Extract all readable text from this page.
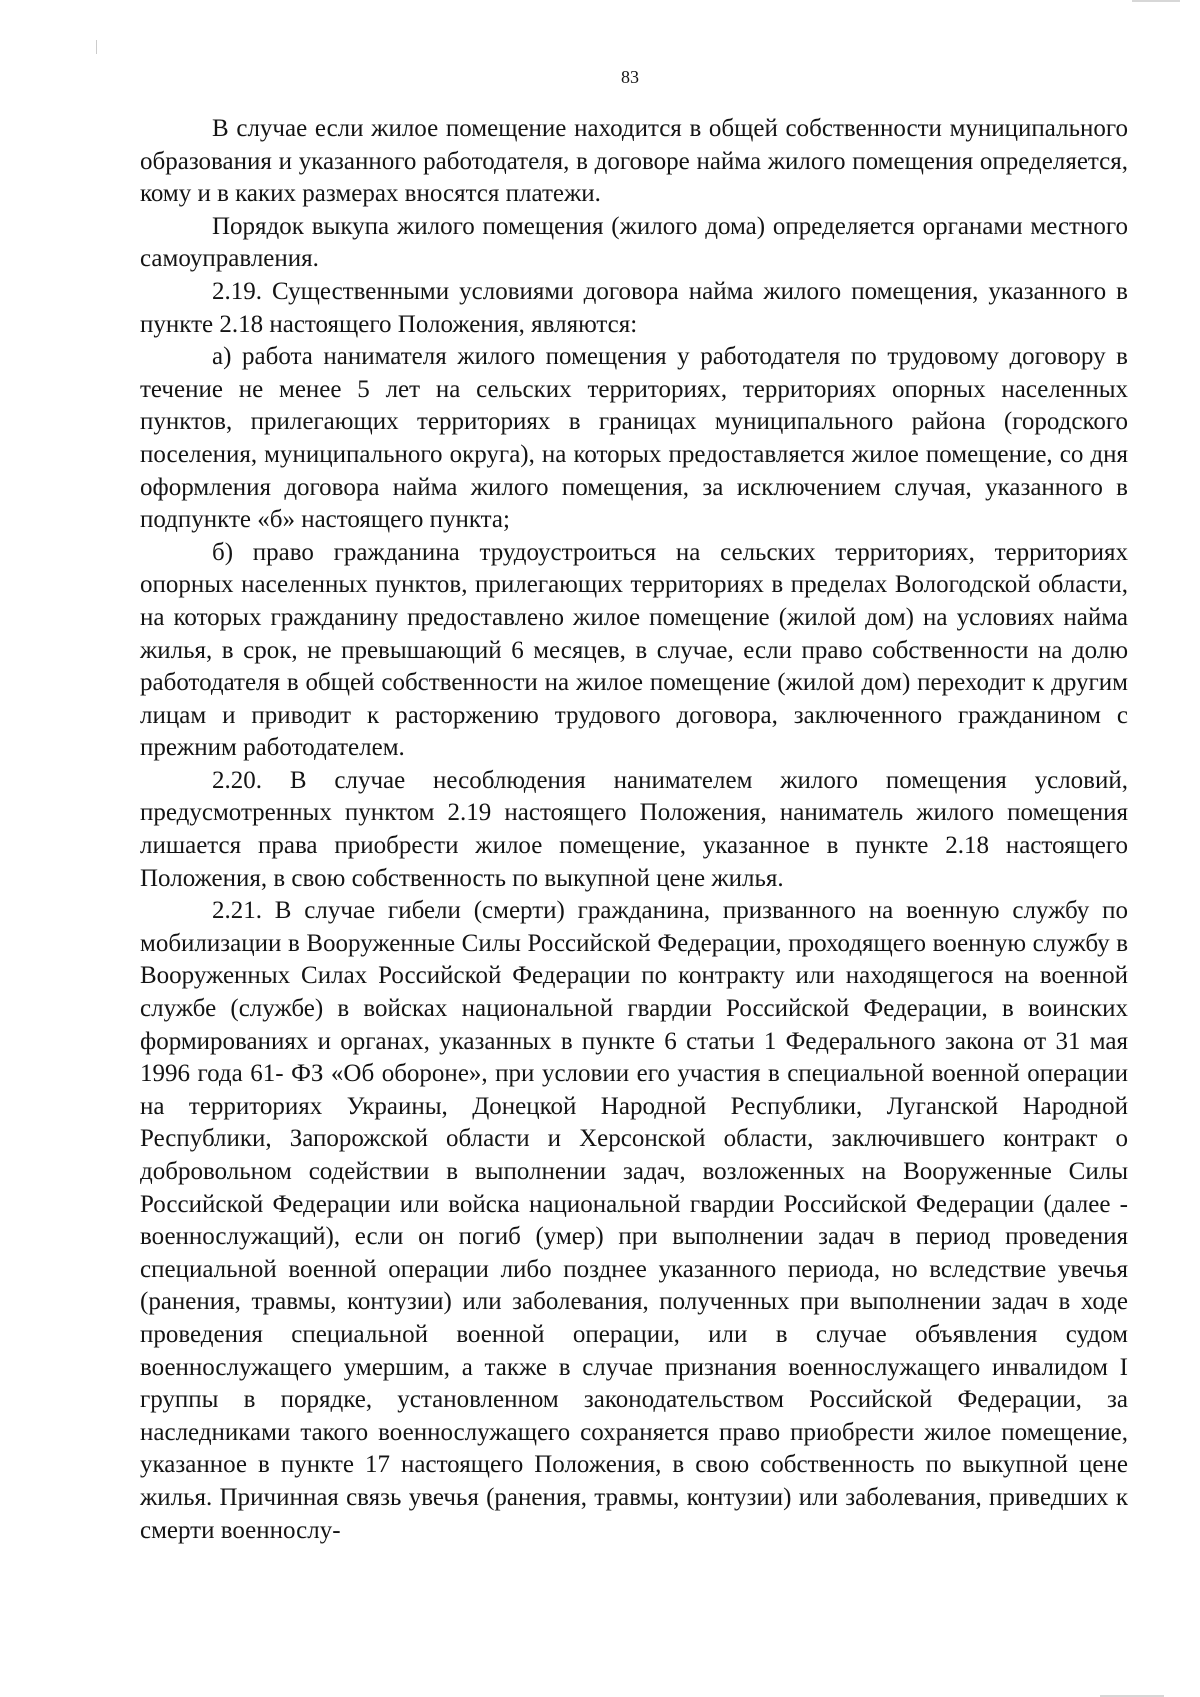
83

В случае если жилое помещение находится в общей собственности муниципального образования и указанного работодателя, в договоре найма жилого помещения определяется, кому и в каких размерах вносятся платежи.

Порядок выкупа жилого помещения (жилого дома) определяется органами местного самоуправления.

2.19. Существенными условиями договора найма жилого помещения, указанного в пункте 2.18 настоящего Положения, являются:

а) работа нанимателя жилого помещения у работодателя по трудовому договору в течение не менее 5 лет на сельских территориях, территориях опорных населенных пунктов, прилегающих территориях в границах муниципального района (городского поселения, муниципального округа), на которых предоставляется жилое помещение, со дня оформления договора найма жилого помещения, за исключением случая, указанного в подпункте «б» настоящего пункта;

б) право гражданина трудоустроиться на сельских территориях, территориях опорных населенных пунктов, прилегающих территориях в пределах Вологодской области, на которых гражданину предоставлено жилое помещение (жилой дом) на условиях найма жилья, в срок, не превышающий 6 месяцев, в случае, если право собственности на долю работодателя в общей собственности на жилое помещение (жилой дом) переходит к другим лицам и приводит к расторжению трудового договора, заключенного гражданином с прежним работодателем.

2.20. В случае несоблюдения нанимателем жилого помещения условий, предусмотренных пунктом 2.19 настоящего Положения, наниматель жилого помещения лишается права приобрести жилое помещение, указанное в пункте 2.18 настоящего Положения, в свою собственность по выкупной цене жилья.

2.21. В случае гибели (смерти) гражданина, призванного на военную службу по мобилизации в Вооруженные Силы Российской Федерации, проходящего военную службу в Вооруженных Силах Российской Федерации по контракту или находящегося на военной службе (службе) в войсках национальной гвардии Российской Федерации, в воинских формированиях и органах, указанных в пункте 6 статьи 1 Федерального закона от 31 мая 1996 года 61- ФЗ «Об обороне», при условии его участия в специальной военной операции на территориях Украины, Донецкой Народной Республики, Луганской Народной Республики, Запорожской области и Херсонской области, заключившего контракт о добровольном содействии в выполнении задач, возложенных на Вооруженные Силы Российской Федерации или войска национальной гвардии Российской Федерации (далее - военнослужащий), если он погиб (умер) при выполнении задач в период проведения специальной военной операции либо позднее указанного периода, но вследствие увечья (ранения, травмы, контузии) или заболевания, полученных при выполнении задач в ходе проведения специальной военной операции, или в случае объявления судом военнослужащего умершим, а также в случае признания военнослужащего инвалидом I группы в порядке, установленном законодательством Российской Федерации, за наследниками такого военнослужащего сохраняется право приобрести жилое помещение, указанное в пункте 17 настоящего Положения, в свою собственность по выкупной цене жилья. Причинная связь увечья (ранения, травмы, контузии) или заболевания, приведших к смерти военнослу-
